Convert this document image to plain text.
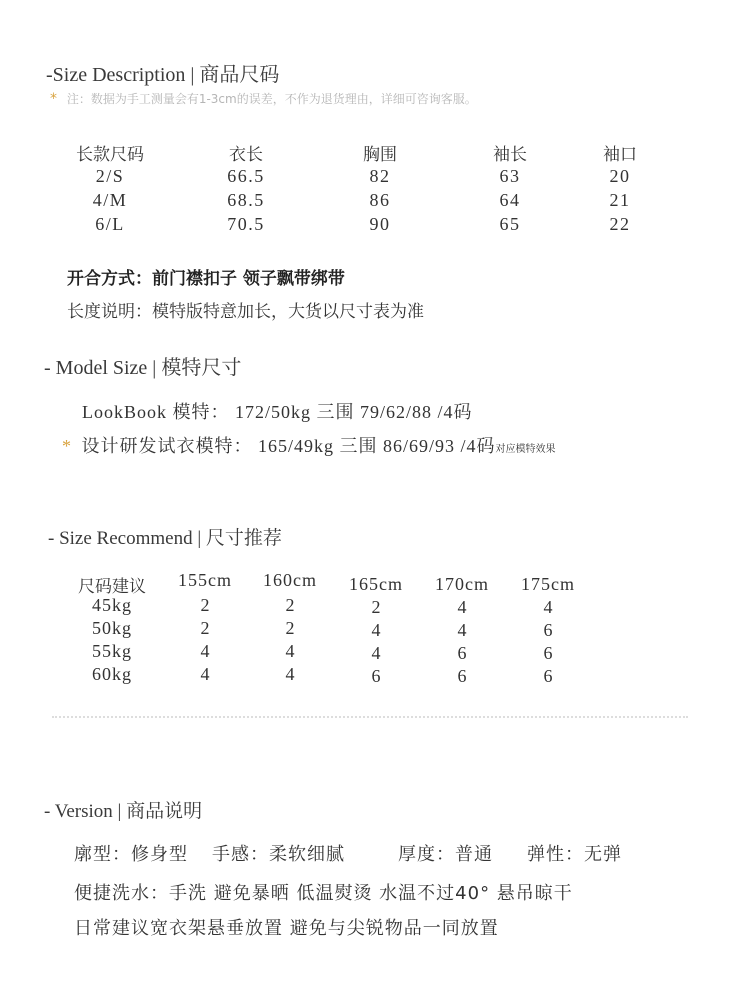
-Size Description | 商品尺码
* 注：数据为手工测量会有1-3cm的误差，不作为退货理由，详细可咨询客服。
长款尺码	衣长	胸围	袖长	袖口
2/S	66.5	82	63	20
4/M	68.5	86	64	21
6/L	70.5	90	65	22
开合方式：前门襟扣子 领子飘带绑带
长度说明：模特版特意加长，大货以尺寸表为准
- Model Size | 模特尺寸
LookBook 模特： 172/50kg 三围 79/62/88 /4码
* 设计研发试衣模特： 165/49kg 三围 86/69/93 /4码对应模特效果
- Size Recommend | 尺寸推荐
尺码建议 155cm 160cm 165cm 170cm 175cm
45kg	2	2	2	4	4
50kg	2	2	4	4	6
55kg	4	4	4	6	6
60kg	4	4	6	6	6
- Version | 商品说明
廓型：修身型 手感：柔软细腻	厚度：普通 弹性：无弹
便捷洗水：手洗 避免暴晒 低温熨烫 水温不过40° 悬吊晾干
日常建议宽衣架悬垂放置 避免与尖锐物品一同放置
